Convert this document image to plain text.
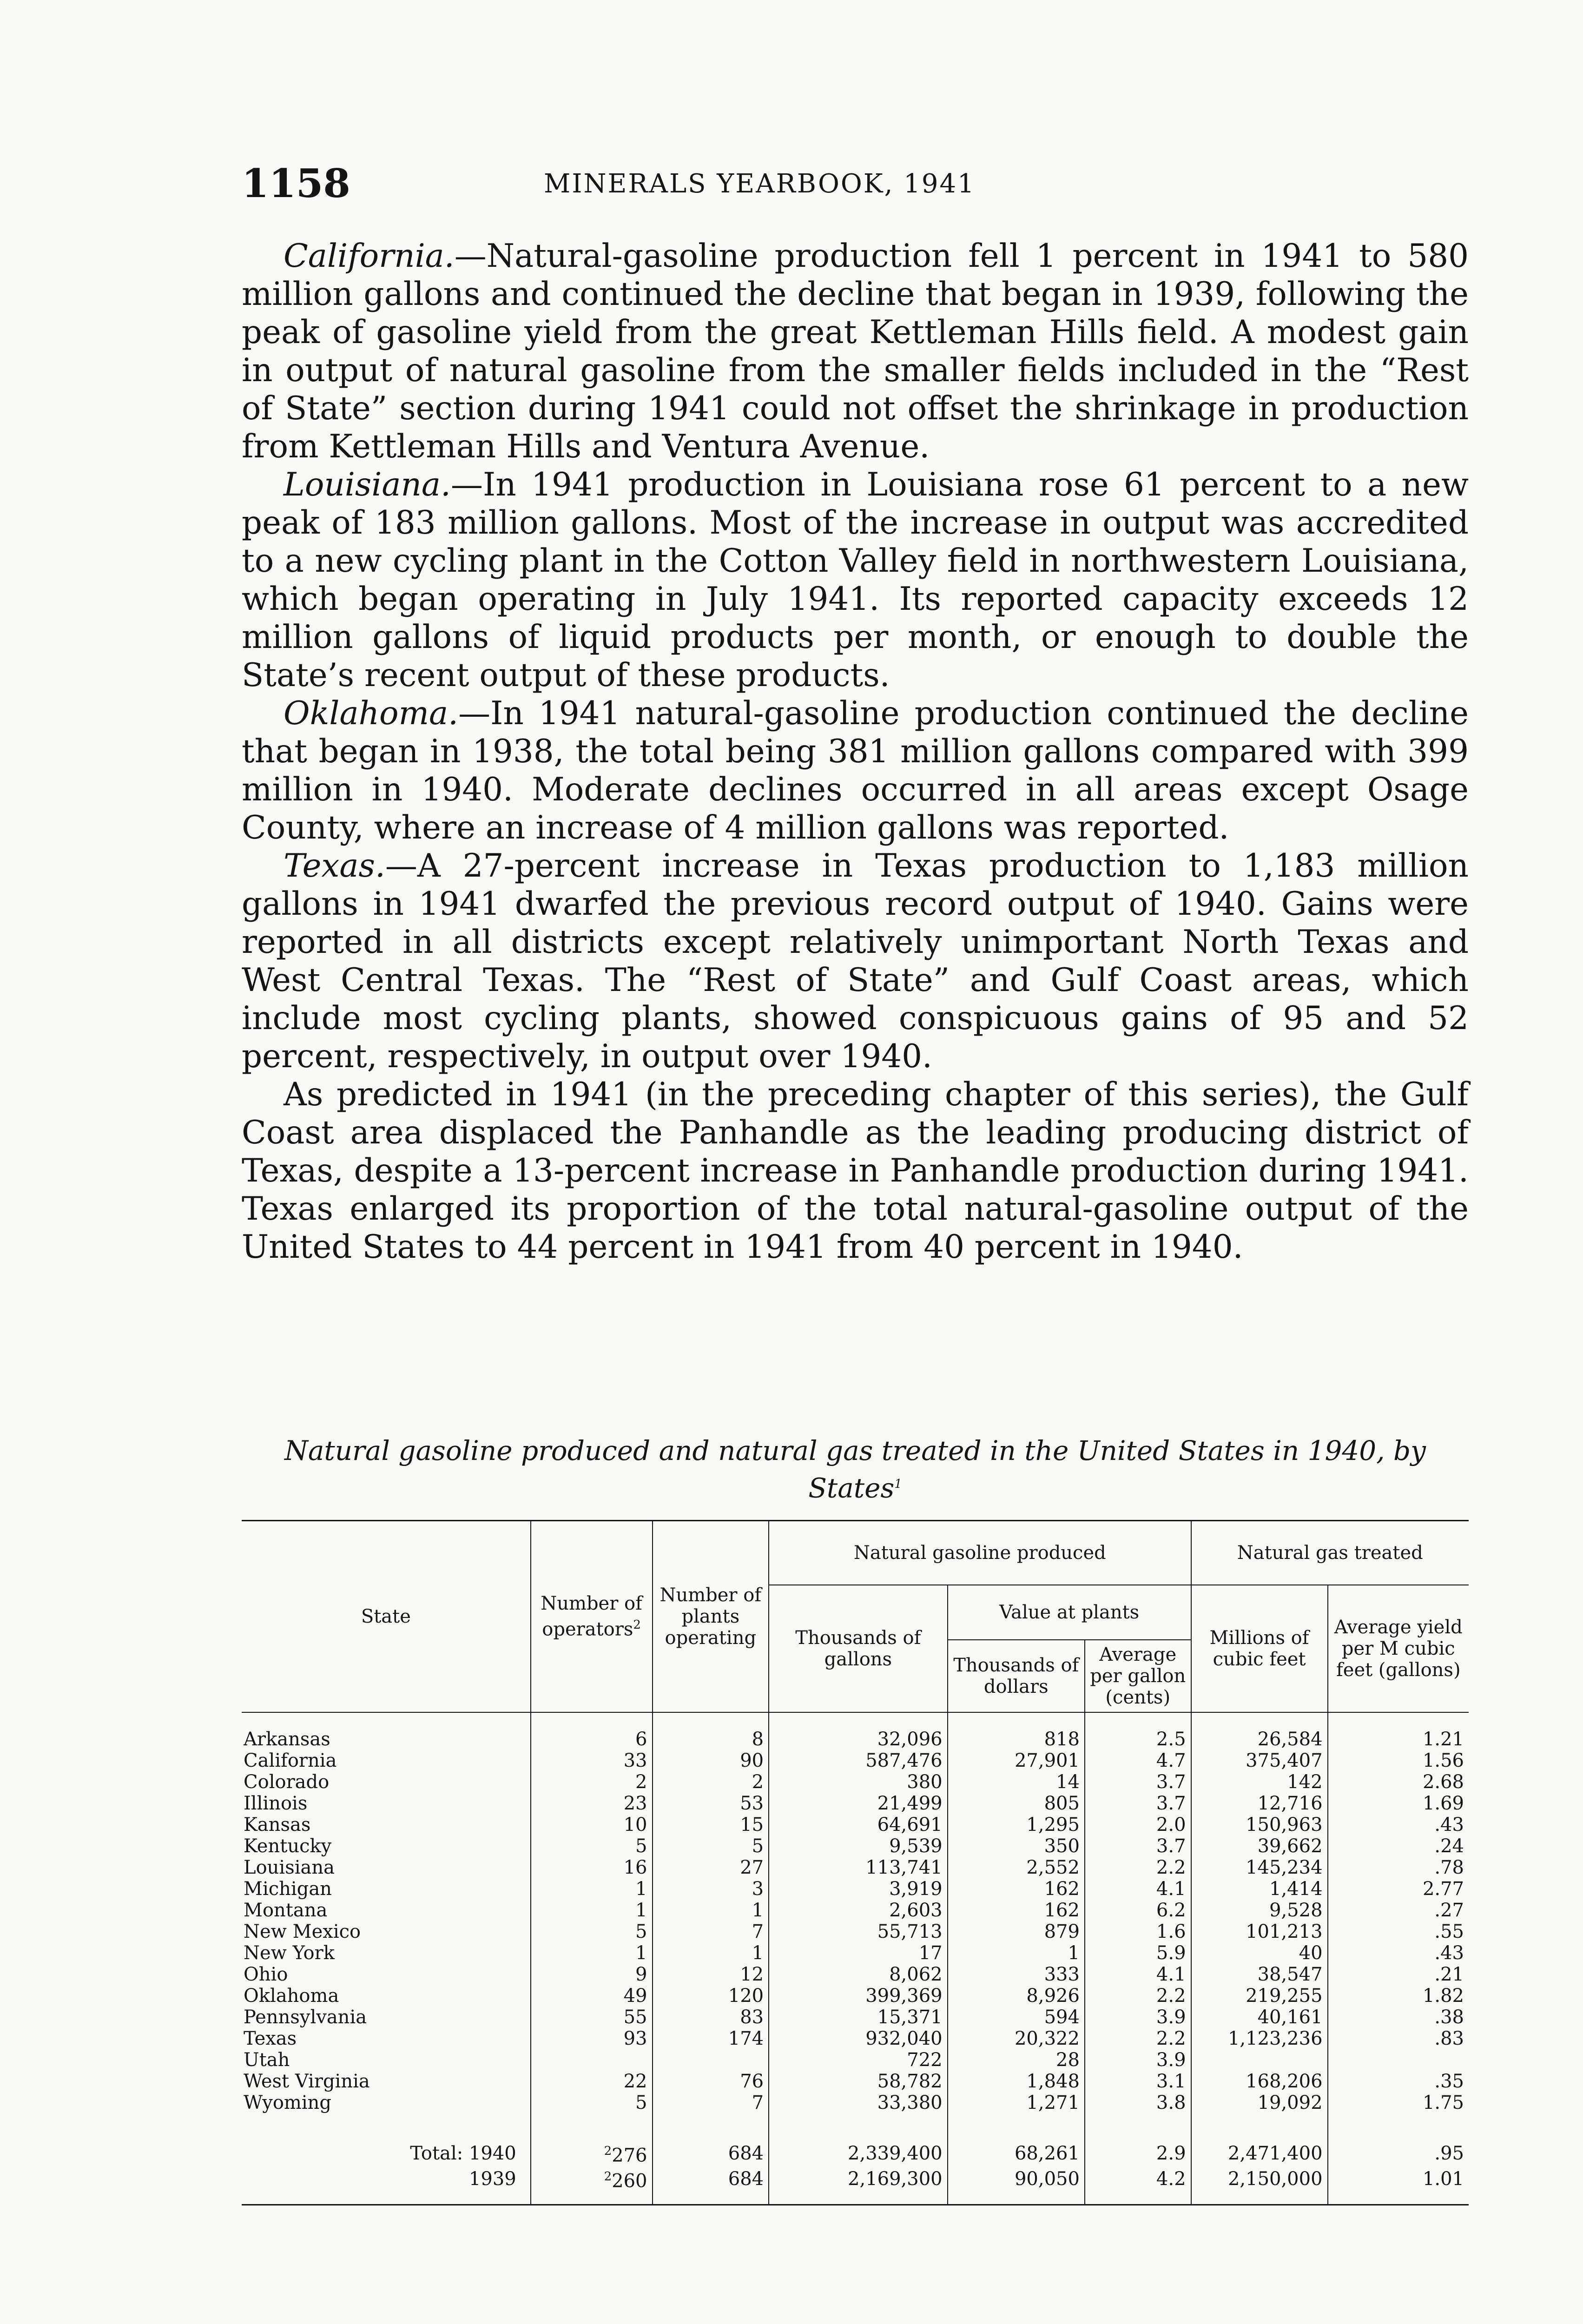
1158	MINERALS YEARBOOK, 1941

California.—Natural-gasoline production fell 1 percent in 1941 to 580 million gallons and continued the decline that began in 1939, following the peak of gasoline yield from the great Kettleman Hills field. A modest gain in output of natural gasoline from the smaller fields included in the “Rest of State” section during 1941 could not offset the shrinkage in production from Kettleman Hills and Ventura Avenue.

Louisiana.—In 1941 production in Louisiana rose 61 percent to a new peak of 183 million gallons. Most of the increase in output was accredited to a new cycling plant in the Cotton Valley field in northwestern Louisiana, which began operating in July 1941. Its reported capacity exceeds 12 million gallons of liquid products per month, or enough to double the State’s recent output of these products.

Oklahoma.—In 1941 natural-gasoline production continued the decline that began in 1938, the total being 381 million gallons compared with 399 million in 1940. Moderate declines occurred in all areas except Osage County, where an increase of 4 million gallons was reported.

Texas.—A 27-percent increase in Texas production to 1,183 million gallons in 1941 dwarfed the previous record output of 1940. Gains were reported in all districts except relatively unimportant North Texas and West Central Texas. The “Rest of State” and Gulf Coast areas, which include most cycling plants, showed conspicuous gains of 95 and 52 percent, respectively, in output over 1940.

As predicted in 1941 (in the preceding chapter of this series), the Gulf Coast area displaced the Panhandle as the leading producing district of Texas, despite a 13-percent increase in Panhandle production during 1941. Texas enlarged its proportion of the total natural-gasoline output of the United States to 44 percent in 1941 from 40 percent in 1940.

Natural gasoline produced and natural gas treated in the United States in 1940, by States$^1$
State	Number of operators$^2$	Number of plants operating	Natural gasoline produced			Natural gas treated	
			Thousands of gallons	Value at plants		Millions of cubic feet	Average yield per M cubic feet (gallons)
				Thousands of dollars	Average per gallon (cents)		
Arkansas	6	8	32,096	818	2.5	26,584	1.21
California	33	90	587,476	27,901	4.7	375,407	1.56
Colorado	2	2	380	14	3.7	142	2.68
Illinois	23	53	21,499	805	3.7	12,716	1.69
Kansas	10	15	64,691	1,295	2.0	150,963	.43
Kentucky	5	5	9,539	350	3.7	39,662	.24
Louisiana	16	27	113,741	2,552	2.2	145,234	.78
Michigan	1	3	3,919	162	4.1	1,414	2.77
Montana	1	1	2,603	162	6.2	9,528	.27
New Mexico	5	7	55,713	879	1.6	101,213	.55
New York	1	1	17	1	5.9	40	.43
Ohio	9	12	8,062	333	4.1	38,547	.21
Oklahoma	49	120	399,369	8,926	2.2	219,255	1.82
Pennsylvania	55	83	15,371	594	3.9	40,161	.38
Texas	93	174	932,040	20,322	2.2	1,123,236	.83
Utah			722	28	3.9		
West Virginia	22	76	58,782	1,848	3.1	168,206	.35
Wyoming	5	7	33,380	1,271	3.8	19,092	1.75
Total: 1940	$^2$276	684	2,339,400	68,261	2.9	2,471,400	.95
1939	$^2$260	684	2,169,300	90,050	4.2	2,150,000	1.01
